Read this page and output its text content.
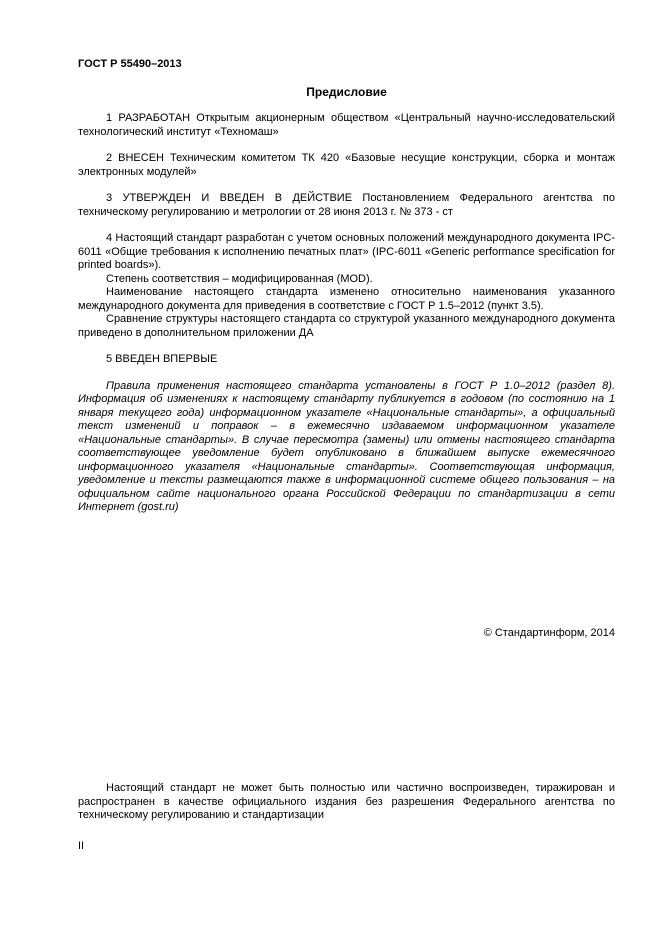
ГОСТ Р 55490–2013

Предисловие

1 РАЗРАБОТАН Открытым акционерным обществом «Центральный научно-исследовательский технологический институт «Техномаш»

2 ВНЕСЕН Техническим комитетом ТК 420 «Базовые несущие конструкции, сборка и монтаж электронных модулей»

3 УТВЕРЖДЕН И ВВЕДЕН В ДЕЙСТВИЕ Постановлением Федерального агентства по техническому регулированию и метрологии от 28 июня 2013 г. № 373 - ст

4 Настоящий стандарт разработан с учетом основных положений международного документа IPC-6011 «Общие требования к исполнению печатных плат» (IPC-6011 «Generic performance specification for printed boards»).

Степень соответствия – модифицированная (MOD).

Наименование настоящего стандарта изменено относительно наименования указанного международного документа для приведения в соответствие с ГОСТ Р 1.5–2012 (пункт 3.5).

Сравнение структуры настоящего стандарта со структурой указанного международного документа приведено в дополнительном приложении ДА

5 ВВЕДЕН ВПЕРВЫЕ

Правила применения настоящего стандарта установлены в ГОСТ Р 1.0–2012 (раздел 8). Информация об изменениях к настоящему стандарту публикуется в годовом (по состоянию на 1 января текущего года) информационном указателе «Национальные стандарты», а официальный текст изменений и поправок – в ежемесячно издаваемом информационном указателе «Национальные стандарты». В случае пересмотра (замены) или отмены настоящего стандарта соответствующее уведомление будет опубликовано в ближайшем выпуске ежемесячного информационного указателя «Национальные стандарты». Соответствующая информация, уведомление и тексты размещаются также в информационной системе общего пользования – на официальном сайте национального органа Российской Федерации по стандартизации в сети Интернет (gost.ru)

© Стандартинформ, 2014

Настоящий стандарт не может быть полностью или частично воспроизведен, тиражирован и распространен в качестве официального издания без разрешения Федерального агентства по техническому регулированию и стандартизации

II
